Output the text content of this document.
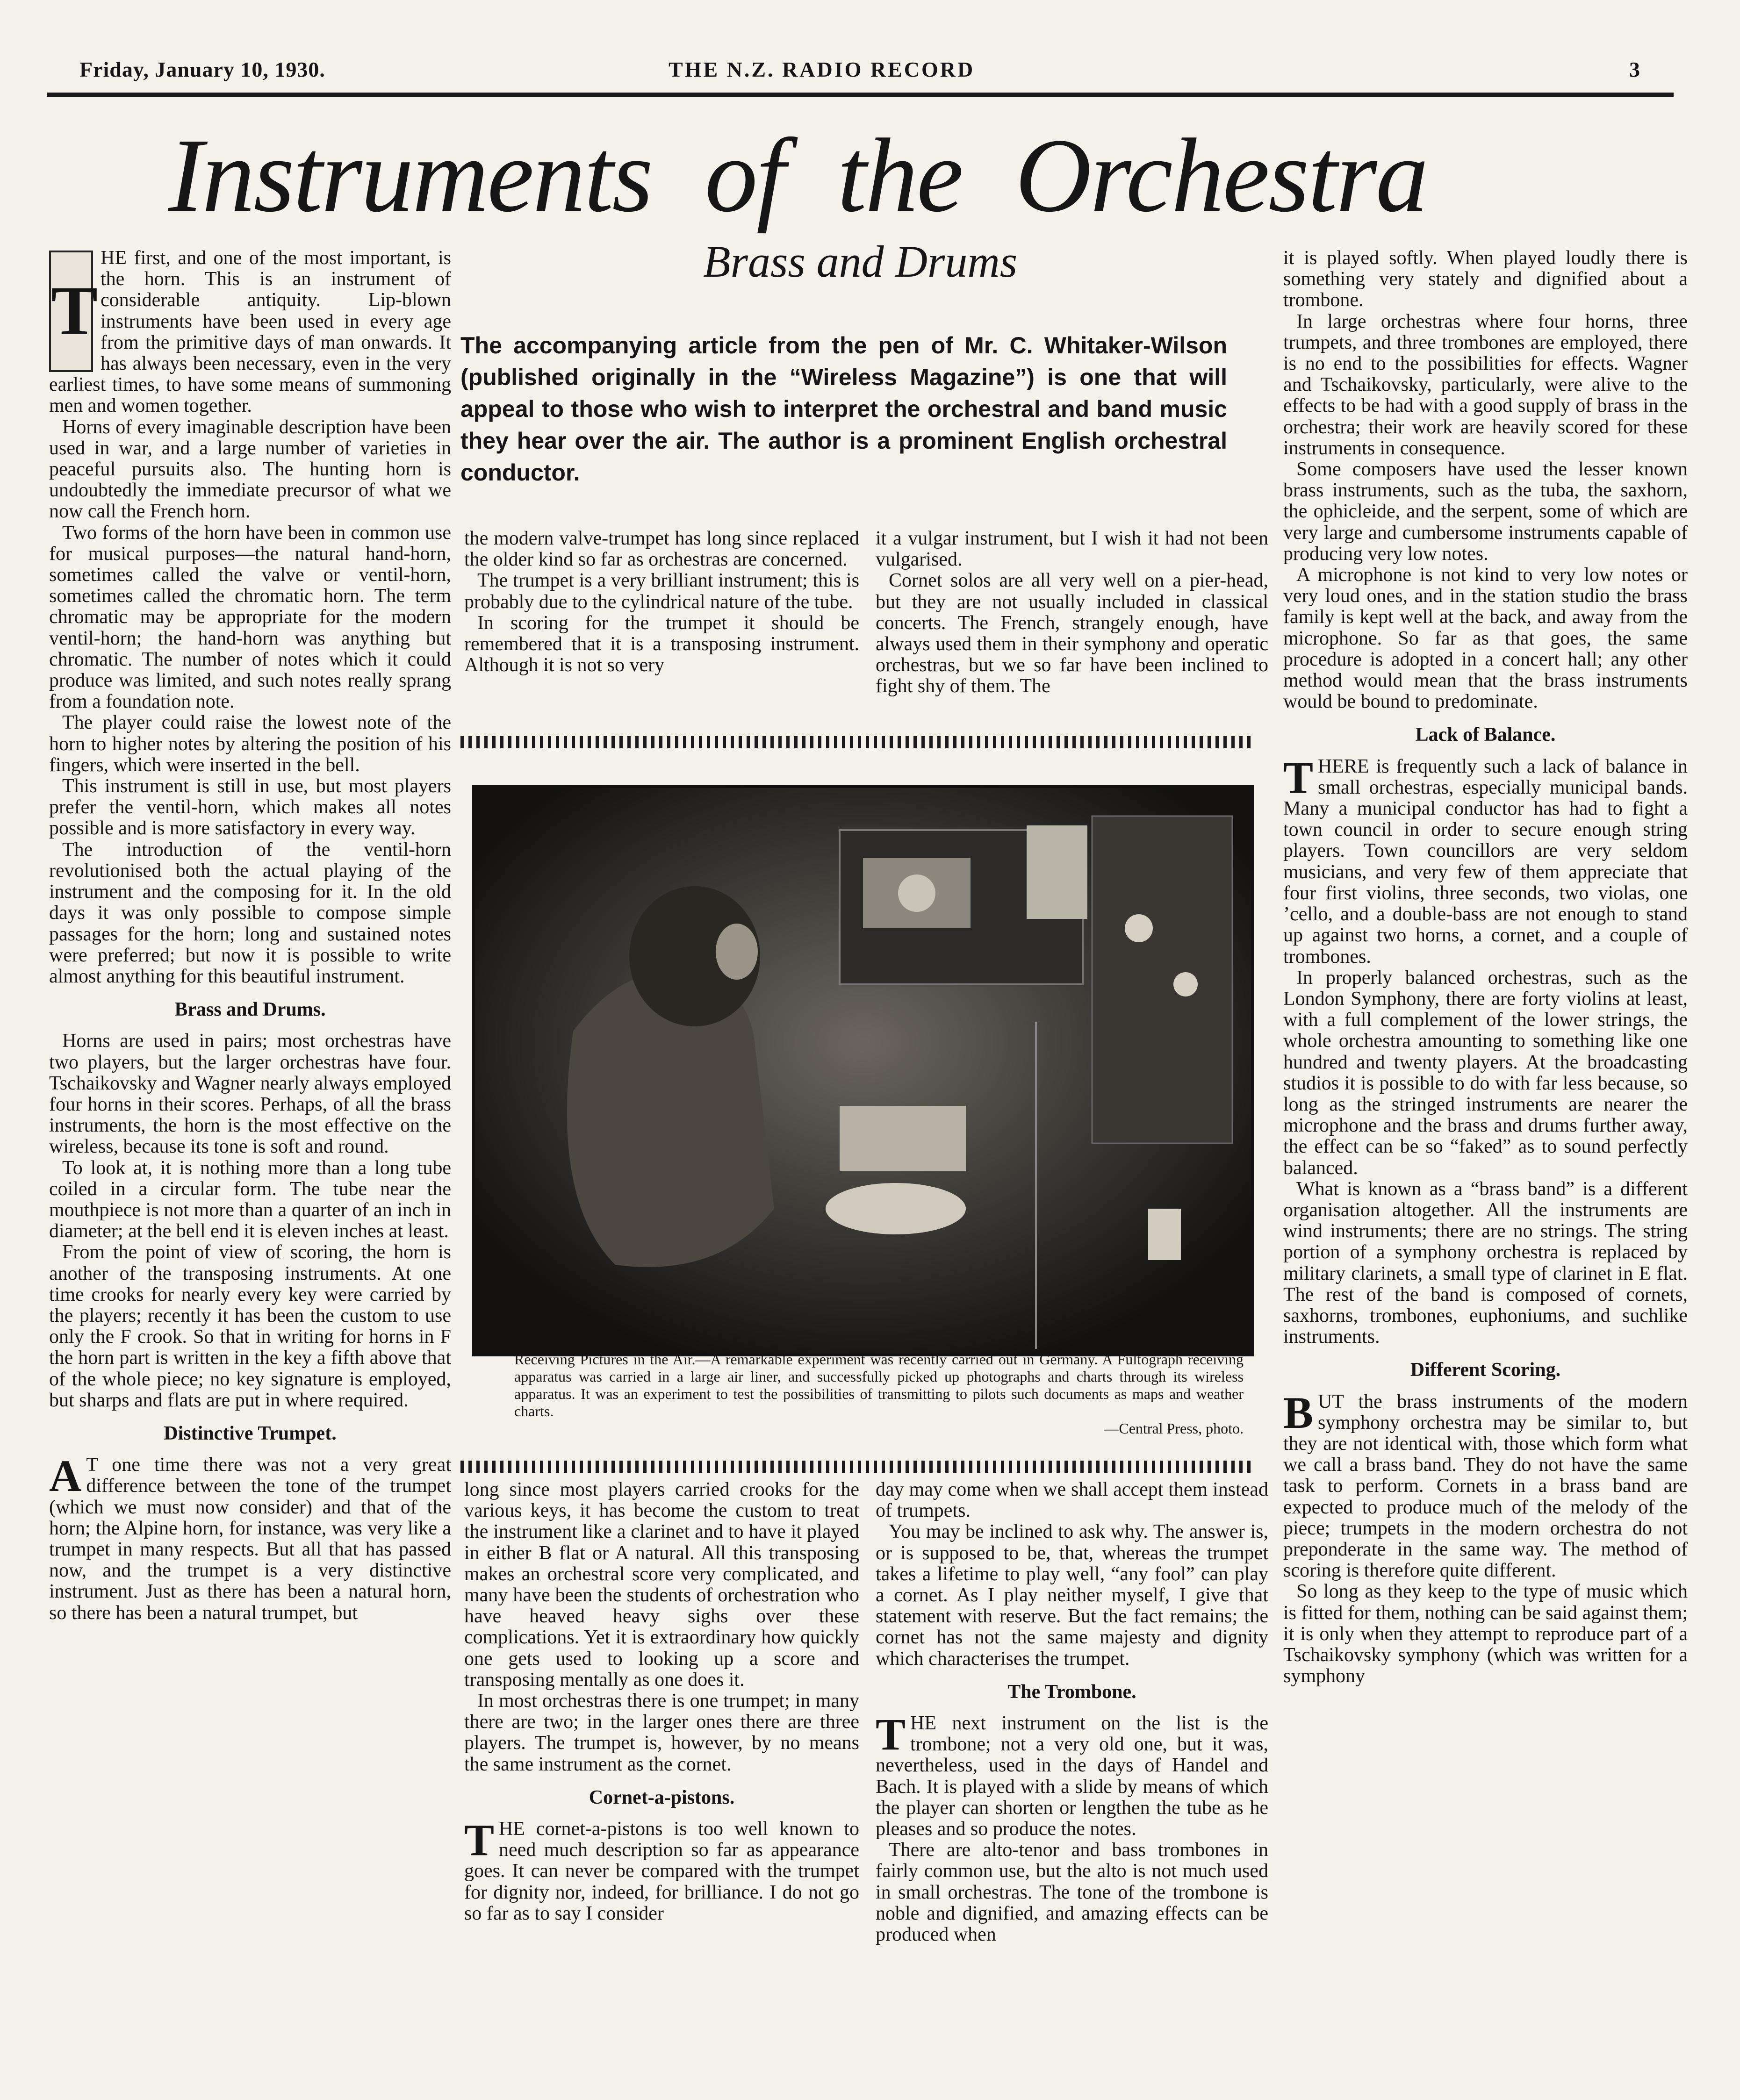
Friday, January 10, 1930.	THE N.Z. RADIO RECORD	3
Instruments of the Orchestra
Brass and Drums
The accompanying article from the pen of Mr. C. Whitaker-Wilson (published originally in the “Wireless Magazine”) is one that will appeal to those who wish to interpret the orchestral and band music they hear over the air. The author is a prominent English orchestral conductor.

T
HE first, and one of the most important, is the horn. This is an instrument of considerable antiquity. Lip-blown instruments have been used in every age from the primitive days of man onwards. It has always been necessary, even in the very earliest times, to have some means of summoning men and women together.

Horns of every imaginable description have been used in war, and a large number of varieties in peaceful pursuits also. The hunting horn is undoubtedly the immediate precursor of what we now call the French horn.

Two forms of the horn have been in common use for musical purposes—the natural hand-horn, sometimes called the valve or ventil-horn, sometimes called the chromatic horn. The term chromatic may be appropriate for the modern ventil-horn; the hand-horn was anything but chromatic. The number of notes which it could produce was limited, and such notes really sprang from a foundation note.

The player could raise the lowest note of the horn to higher notes by altering the position of his fingers, which were inserted in the bell.

This instrument is still in use, but most players prefer the ventil-horn, which makes all notes possible and is more satisfactory in every way.

The introduction of the ventil-horn revolutionised both the actual playing of the instrument and the composing for it. In the old days it was only possible to compose simple passages for the horn; long and sustained notes were preferred; but now it is possible to write almost anything for this beautiful instrument.

Brass and Drums.

Horns are used in pairs; most orchestras have two players, but the larger orchestras have four. Tschaikovsky and Wagner nearly always employed four horns in their scores. Perhaps, of all the brass instruments, the horn is the most effective on the wireless, because its tone is soft and round.

To look at, it is nothing more than a long tube coiled in a circular form. The tube near the mouthpiece is not more than a quarter of an inch in diameter; at the bell end it is eleven inches at least.

From the point of view of scoring, the horn is another of the transposing instruments. At one time crooks for nearly every key were carried by the players; recently it has been the custom to use only the F crook. So that in writing for horns in F the horn part is written in the key a fifth above that of the whole piece; no key signature is employed, but sharps and flats are put in where required.

Distinctive Trumpet.

A T one time there was not a very great difference between the tone of the trumpet (which we must now consider) and that of the horn; the Alpine horn, for instance, was very like a trumpet in many respects. But all that has passed now, and the trumpet is a very distinctive instrument. Just as there has been a natural horn, so there has been a natural trumpet, but

the modern valve-trumpet has long since replaced the older kind so far as orchestras are concerned.

The trumpet is a very brilliant instrument; this is probably due to the cylindrical nature of the tube.

In scoring for the trumpet it should be remembered that it is a transposing instrument. Although it is not so very

it a vulgar instrument, but I wish it had not been vulgarised.

Cornet solos are all very well on a pier-head, but they are not usually included in classical concerts. The French, strangely enough, have always used them in their symphony and operatic orchestras, but we so far have been inclined to fight shy of them. The

Receiving Pictures in the Air.—A remarkable experiment was recently carried out in Germany. A Fultograph receiving apparatus was carried in a large air liner, and successfully picked up photographs and charts through its wireless apparatus. It was an experiment to test the possibilities of transmitting to pilots such documents as maps and weather charts.
—Central Press, photo.

long since most players carried crooks for the various keys, it has become the custom to treat the instrument like a clarinet and to have it played in either B flat or A natural. All this transposing makes an orchestral score very complicated, and many have been the students of orchestration who have heaved heavy sighs over these complications. Yet it is extraordinary how quickly one gets used to looking up a score and transposing mentally as one does it.

In most orchestras there is one trumpet; in many there are two; in the larger ones there are three players. The trumpet is, however, by no means the same instrument as the cornet.

Cornet-a-pistons.

THE cornet-a-pistons is too well known to need much description so far as appearance goes. It can never be compared with the trumpet for dignity nor, indeed, for brilliance. I do not go so far as to say I consider

day may come when we shall accept them instead of trumpets.

You may be inclined to ask why. The answer is, or is supposed to be, that, whereas the trumpet takes a lifetime to play well, “any fool” can play a cornet. As I play neither myself, I give that statement with reserve. But the fact remains; the cornet has not the same majesty and dignity which characterises the trumpet.

The Trombone.

THE next instrument on the list is the trombone; not a very old one, but it was, nevertheless, used in the days of Handel and Bach. It is played with a slide by means of which the player can shorten or lengthen the tube as he pleases and so produce the notes.

There are alto-tenor and bass trombones in fairly common use, but the alto is not much used in small orchestras. The tone of the trombone is noble and dignified, and amazing effects can be produced when

it is played softly. When played loudly there is something very stately and dignified about a trombone.

In large orchestras where four horns, three trumpets, and three trombones are employed, there is no end to the possibilities for effects. Wagner and Tschaikovsky, particularly, were alive to the effects to be had with a good supply of brass in the orchestra; their work are heavily scored for these instruments in consequence.

Some composers have used the lesser known brass instruments, such as the tuba, the saxhorn, the ophicleide, and the serpent, some of which are very large and cumbersome instruments capable of producing very low notes.

A microphone is not kind to very low notes or very loud ones, and in the station studio the brass family is kept well at the back, and away from the microphone. So far as that goes, the same procedure is adopted in a concert hall; any other method would mean that the brass instruments would be bound to predominate.

Lack of Balance.

THERE is frequently such a lack of balance in small orchestras, especially municipal bands. Many a municipal conductor has had to fight a town council in order to secure enough string players. Town councillors are very seldom musicians, and very few of them appreciate that four first violins, three seconds, two violas, one ’cello, and a double-bass are not enough to stand up against two horns, a cornet, and a couple of trombones.

In properly balanced orchestras, such as the London Symphony, there are forty violins at least, with a full complement of the lower strings, the whole orchestra amounting to something like one hundred and twenty players. At the broadcasting studios it is possible to do with far less because, so long as the stringed instruments are nearer the microphone and the brass and drums further away, the effect can be so “faked” as to sound perfectly balanced.

What is known as a “brass band” is a different organisation altogether. All the instruments are wind instruments; there are no strings. The string portion of a symphony orchestra is replaced by military clarinets, a small type of clarinet in E flat. The rest of the band is composed of cornets, saxhorns, trombones, euphoniums, and suchlike instruments.

Different Scoring.

BUT the brass instruments of the modern symphony orchestra may be similar to, but they are not identical with, those which form what we call a brass band. They do not have the same task to perform. Cornets in a brass band are expected to produce much of the melody of the piece; trumpets in the modern orchestra do not preponderate in the same way. The method of scoring is therefore quite different.

So long as they keep to the type of music which is fitted for them, nothing can be said against them; it is only when they attempt to reproduce part of a Tschaikovsky symphony (which was written for a symphony
